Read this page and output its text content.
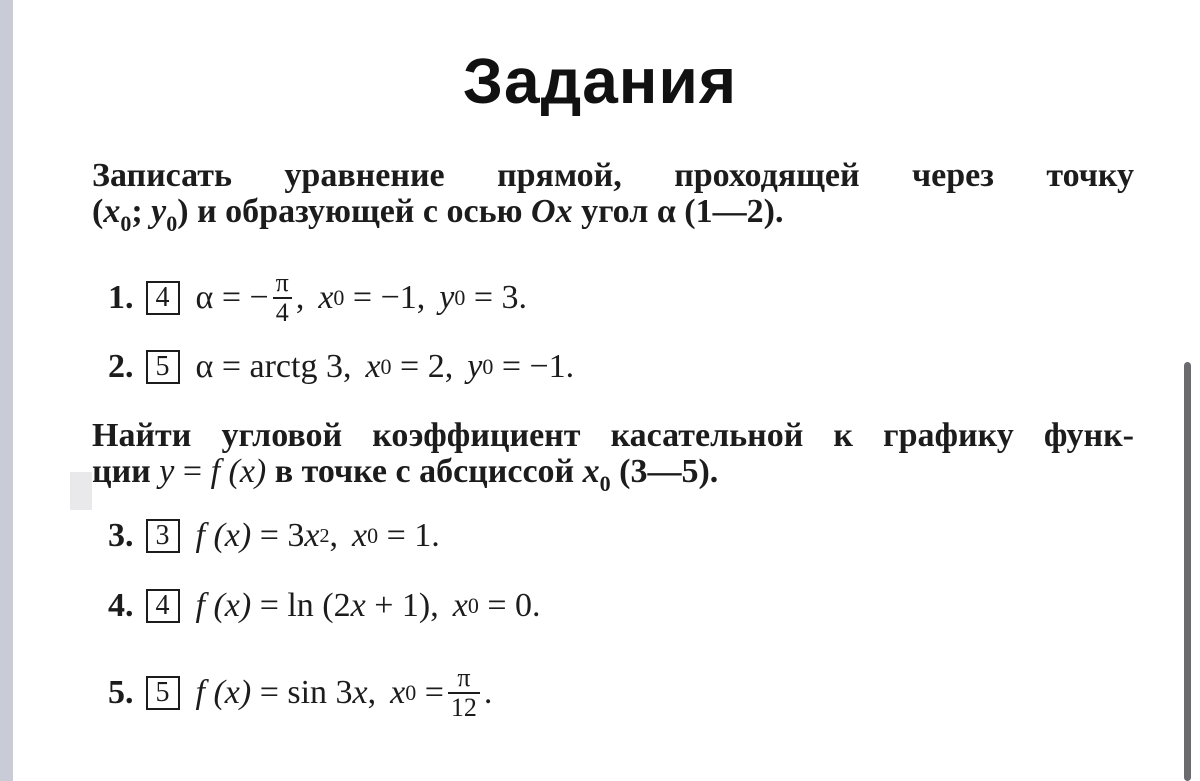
Задания
Записать уравнение прямой, проходящей через точку
($x_0$; $y_0$) и образующей с осью Ox угол α (1—2).
1. 4 α = − $\frac{\pi}{4}$ , x 0
= −1, y 0
= 3.
2. 5 α = arctg 3, x 0
= 2, y 0
= −1.
Найти угловой коэффициент касательной к графику функ-
ции y = f (x) в точке с абсциссой $x_0$ (3—5).
3. 3 f (x)
= 3 x 2 , x 0
= 1.
4. 4 f (x)
= ln (2 x
+ 1), x 0
= 0.
5. 5 f (x)
= sin 3 x , x 0
= $\frac{\pi}{12}$ .
